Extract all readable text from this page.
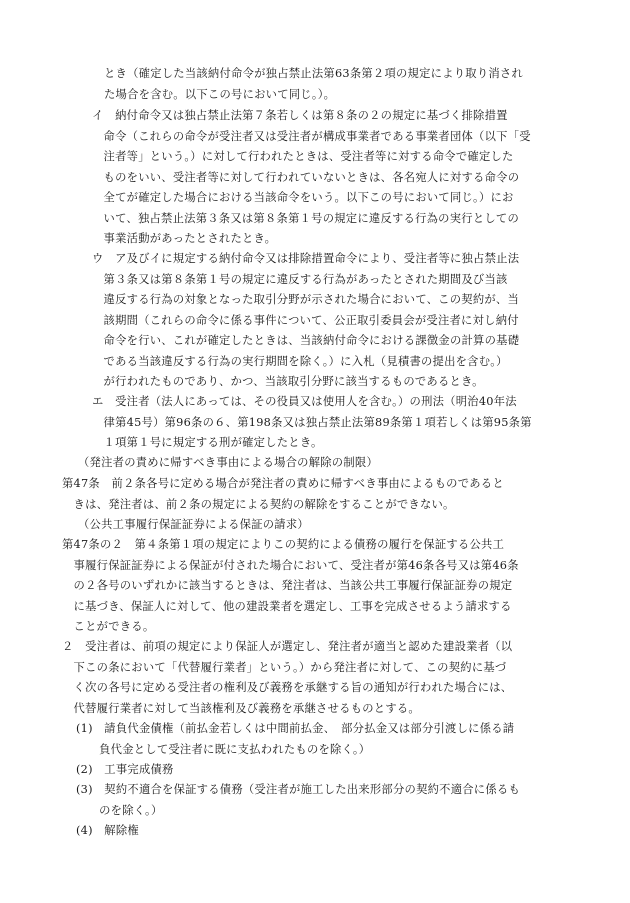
とき（確定した当該納付命令が独占禁止法第63条第２項の規定により取り消され
た場合を含む。以下この号において同じ。）。
イ　納付命令又は独占禁止法第７条若しくは第８条の２の規定に基づく排除措置
　命令（これらの命令が受注者又は受注者が構成事業者である事業者団体（以下「受
　注者等」という。）に対して行われたときは、受注者等に対する命令で確定した
　ものをいい、受注者等に対して行われていないときは、各名宛人に対する命令の
　全てが確定した場合における当該命令をいう。以下この号において同じ。）にお
　いて、独占禁止法第３条又は第８条第１号の規定に違反する行為の実行としての
　事業活動があったとされたとき。
ウ　ア及びイに規定する納付命令又は排除措置命令により、受注者等に独占禁止法
　第３条又は第８条第１号の規定に違反する行為があったとされた期間及び当該
　違反する行為の対象となった取引分野が示された場合において、この契約が、当
　該期間（これらの命令に係る事件について、公正取引委員会が受注者に対し納付
　命令を行い、これが確定したときは、当該納付命令における課徴金の計算の基礎
　である当該違反する行為の実行期間を除く。）に入札（見積書の提出を含む。）
　が行われたものであり、かつ、当該取引分野に該当するものであるとき。
エ　受注者（法人にあっては、その役員又は使用人を含む。）の刑法（明治40年法
　律第45号）第96条の６、第198条又は独占禁止法第89条第１項若しくは第95条第
　１項第１号に規定する刑が確定したとき。
（発注者の責めに帰すべき事由による場合の解除の制限）
第47条　前２条各号に定める場合が発注者の責めに帰すべき事由によるものであると
　きは、発注者は、前２条の規定による契約の解除をすることができない。
（公共工事履行保証証券による保証の請求）
第47条の２　第４条第１項の規定によりこの契約による債務の履行を保証する公共工
　事履行保証証券による保証が付された場合において、受注者が第46条各号又は第46条
　の２各号のいずれかに該当するときは、発注者は、当該公共工事履行保証証券の規定
　に基づき、保証人に対して、他の建設業者を選定し、工事を完成させるよう請求する
　ことができる。
２　受注者は、前項の規定により保証人が選定し、発注者が適当と認めた建設業者（以
　下この条において「代替履行業者」という。）から発注者に対して、この契約に基づ
　く次の各号に定める受注者の権利及び義務を承継する旨の通知が行われた場合には、
　代替履行業者に対して当該権利及び義務を承継させるものとする。
(1)　請負代金債権（前払金若しくは中間前払金、　部分払金又は部分引渡しに係る請
　　負代金として受注者に既に支払われたものを除く。）
(2)　工事完成債務
(3)　契約不適合を保証する債務（受注者が施工した出来形部分の契約不適合に係るも
　　のを除く。）
(4)　解除権
